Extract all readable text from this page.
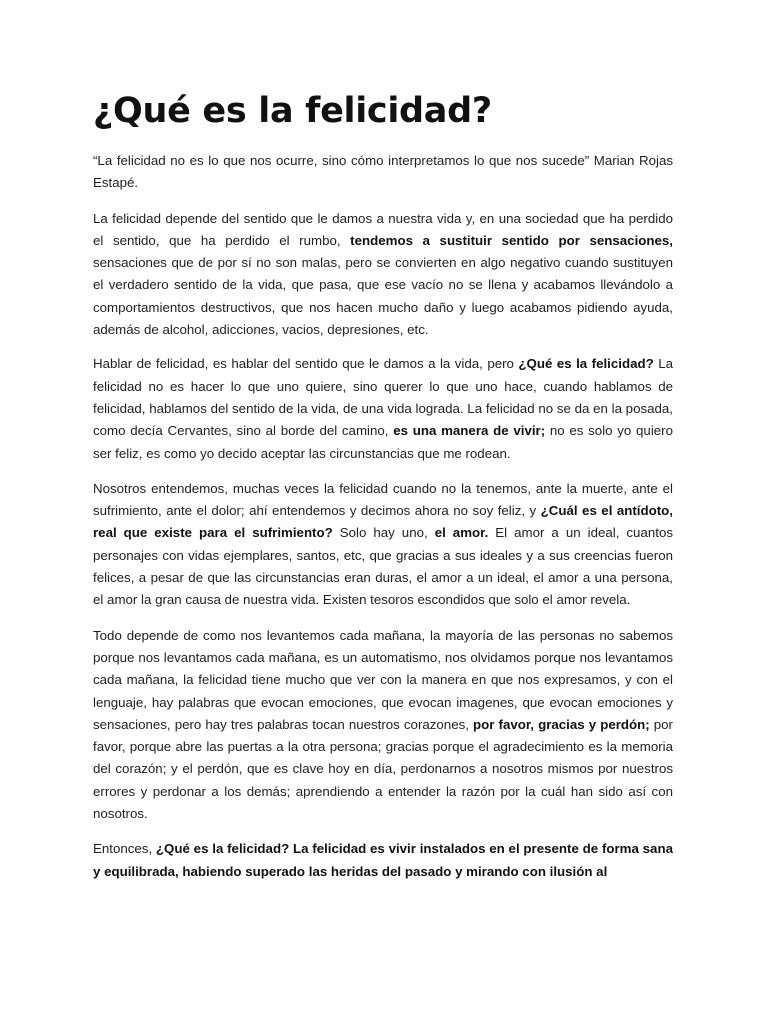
¿Qué es la felicidad?

“La felicidad no es lo que nos ocurre, sino cómo interpretamos lo que nos sucede” Marian Rojas Estapé.

La felicidad depende del sentido que le damos a nuestra vida y, en una sociedad que ha perdido el sentido, que ha perdido el rumbo, tendemos a sustituir sentido por sensaciones, sensaciones que de por sí no son malas, pero se convierten en algo negativo cuando sustituyen el verdadero sentido de la vida, que pasa, que ese vacío no se llena y acabamos llevándolo a comportamientos destructivos, que nos hacen mucho daño y luego acabamos pidiendo ayuda, además de alcohol, adicciones, vacios, depresiones, etc.

Hablar de felicidad, es hablar del sentido que le damos a la vida, pero ¿Qué es la felicidad? La felicidad no es hacer lo que uno quiere, sino querer lo que uno hace, cuando hablamos de felicidad, hablamos del sentido de la vida, de una vida lograda. La felicidad no se da en la posada, como decía Cervantes, sino al borde del camino, es una manera de vivir; no es solo yo quiero ser feliz, es como yo decido aceptar las circunstancias que me rodean.

Nosotros entendemos, muchas veces la felicidad cuando no la tenemos, ante la muerte, ante el sufrimiento, ante el dolor; ahí entendemos y decimos ahora no soy feliz, y ¿Cuál es el antídoto, real que existe para el sufrimiento? Solo hay uno, el amor. El amor a un ideal, cuantos personajes con vidas ejemplares, santos, etc, que gracias a sus ideales y a sus creencias fueron felices, a pesar de que las circunstancias eran duras, el amor a un ideal, el amor a una persona, el amor la gran causa de nuestra vida. Existen tesoros escondidos que solo el amor revela.

Todo depende de como nos levantemos cada mañana, la mayoría de las personas no sabemos porque nos levantamos cada mañana, es un automatismo, nos olvidamos porque nos levantamos cada mañana, la felicidad tiene mucho que ver con la manera en que nos expresamos, y con el lenguaje, hay palabras que evocan emociones, que evocan imagenes, que evocan emociones y sensaciones, pero hay tres palabras tocan nuestros corazones, por favor, gracias y perdón; por favor, porque abre las puertas a la otra persona; gracias porque el agradecimiento es la memoria del corazón; y el perdón, que es clave hoy en día, perdonarnos a nosotros mismos por nuestros errores y perdonar a los demás; aprendiendo a entender la razón por la cuál han sido así con nosotros.

Entonces, ¿Qué es la felicidad? La felicidad es vivir instalados en el presente de forma sana y equilibrada, habiendo superado las heridas del pasado y mirando con ilusión al
